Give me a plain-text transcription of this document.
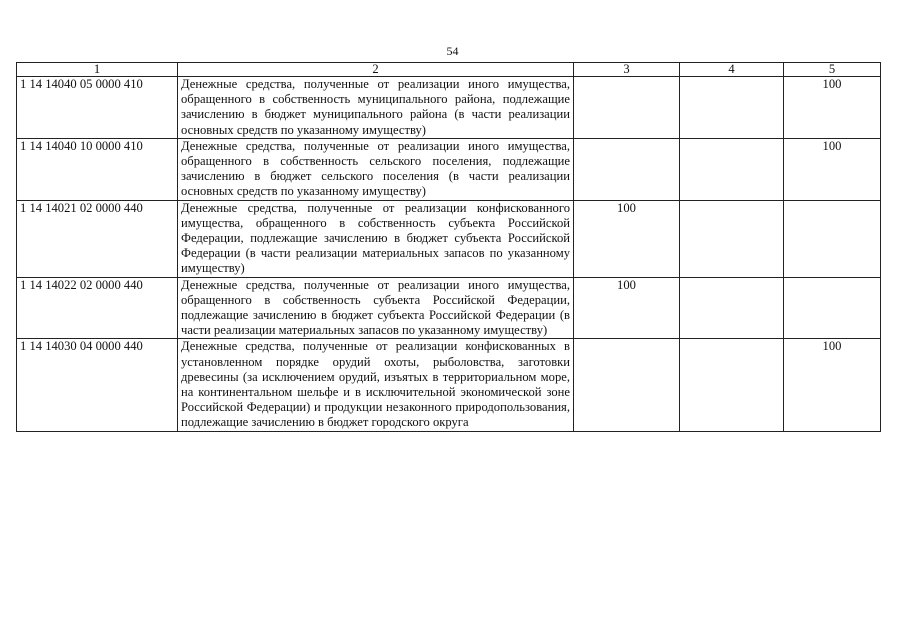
54
1	2	3	4	5
1 14 14040 05 0000 410	Денежные средства, полученные от реализации иного имущества, обращенного в собственность муниципального района, подлежащие зачислению в бюджет муниципального района (в части реализации основных средств по указанному имуществу)			100

1 14 14040 10 0000 410	Денежные средства, полученные от реализации иного имущества, обращенного в собственность сельского поселения, подлежащие зачислению в бюджет сельского поселения (в части реализации основных средств по указанному имуществу)			100

1 14 14021 02 0000 440	Денежные средства, полученные от реализации конфискованного имущества, обращенного в собственность субъекта Российской Федерации, подлежащие зачислению в бюджет субъекта Российской Федерации (в части реализации материальных запасов по указанному имуществу)	100		

1 14 14022 02 0000 440	Денежные средства, полученные от реализации иного имущества, обращенного в собственность субъекта Российской Федерации, подлежащие зачислению в бюджет субъекта Российской Федерации (в части реализации материальных запасов по указанному имуществу)	100		

1 14 14030 04 0000 440	Денежные средства, полученные от реализации конфискованных в установленном порядке орудий охоты, рыболовства, заготовки древесины (за исключением орудий, изъятых в территориальном море, на континентальном шельфе и в исключительной экономической зоне Российской Федерации) и продукции незаконного природопользования, подлежащие зачислению в бюджет городского округа			100
